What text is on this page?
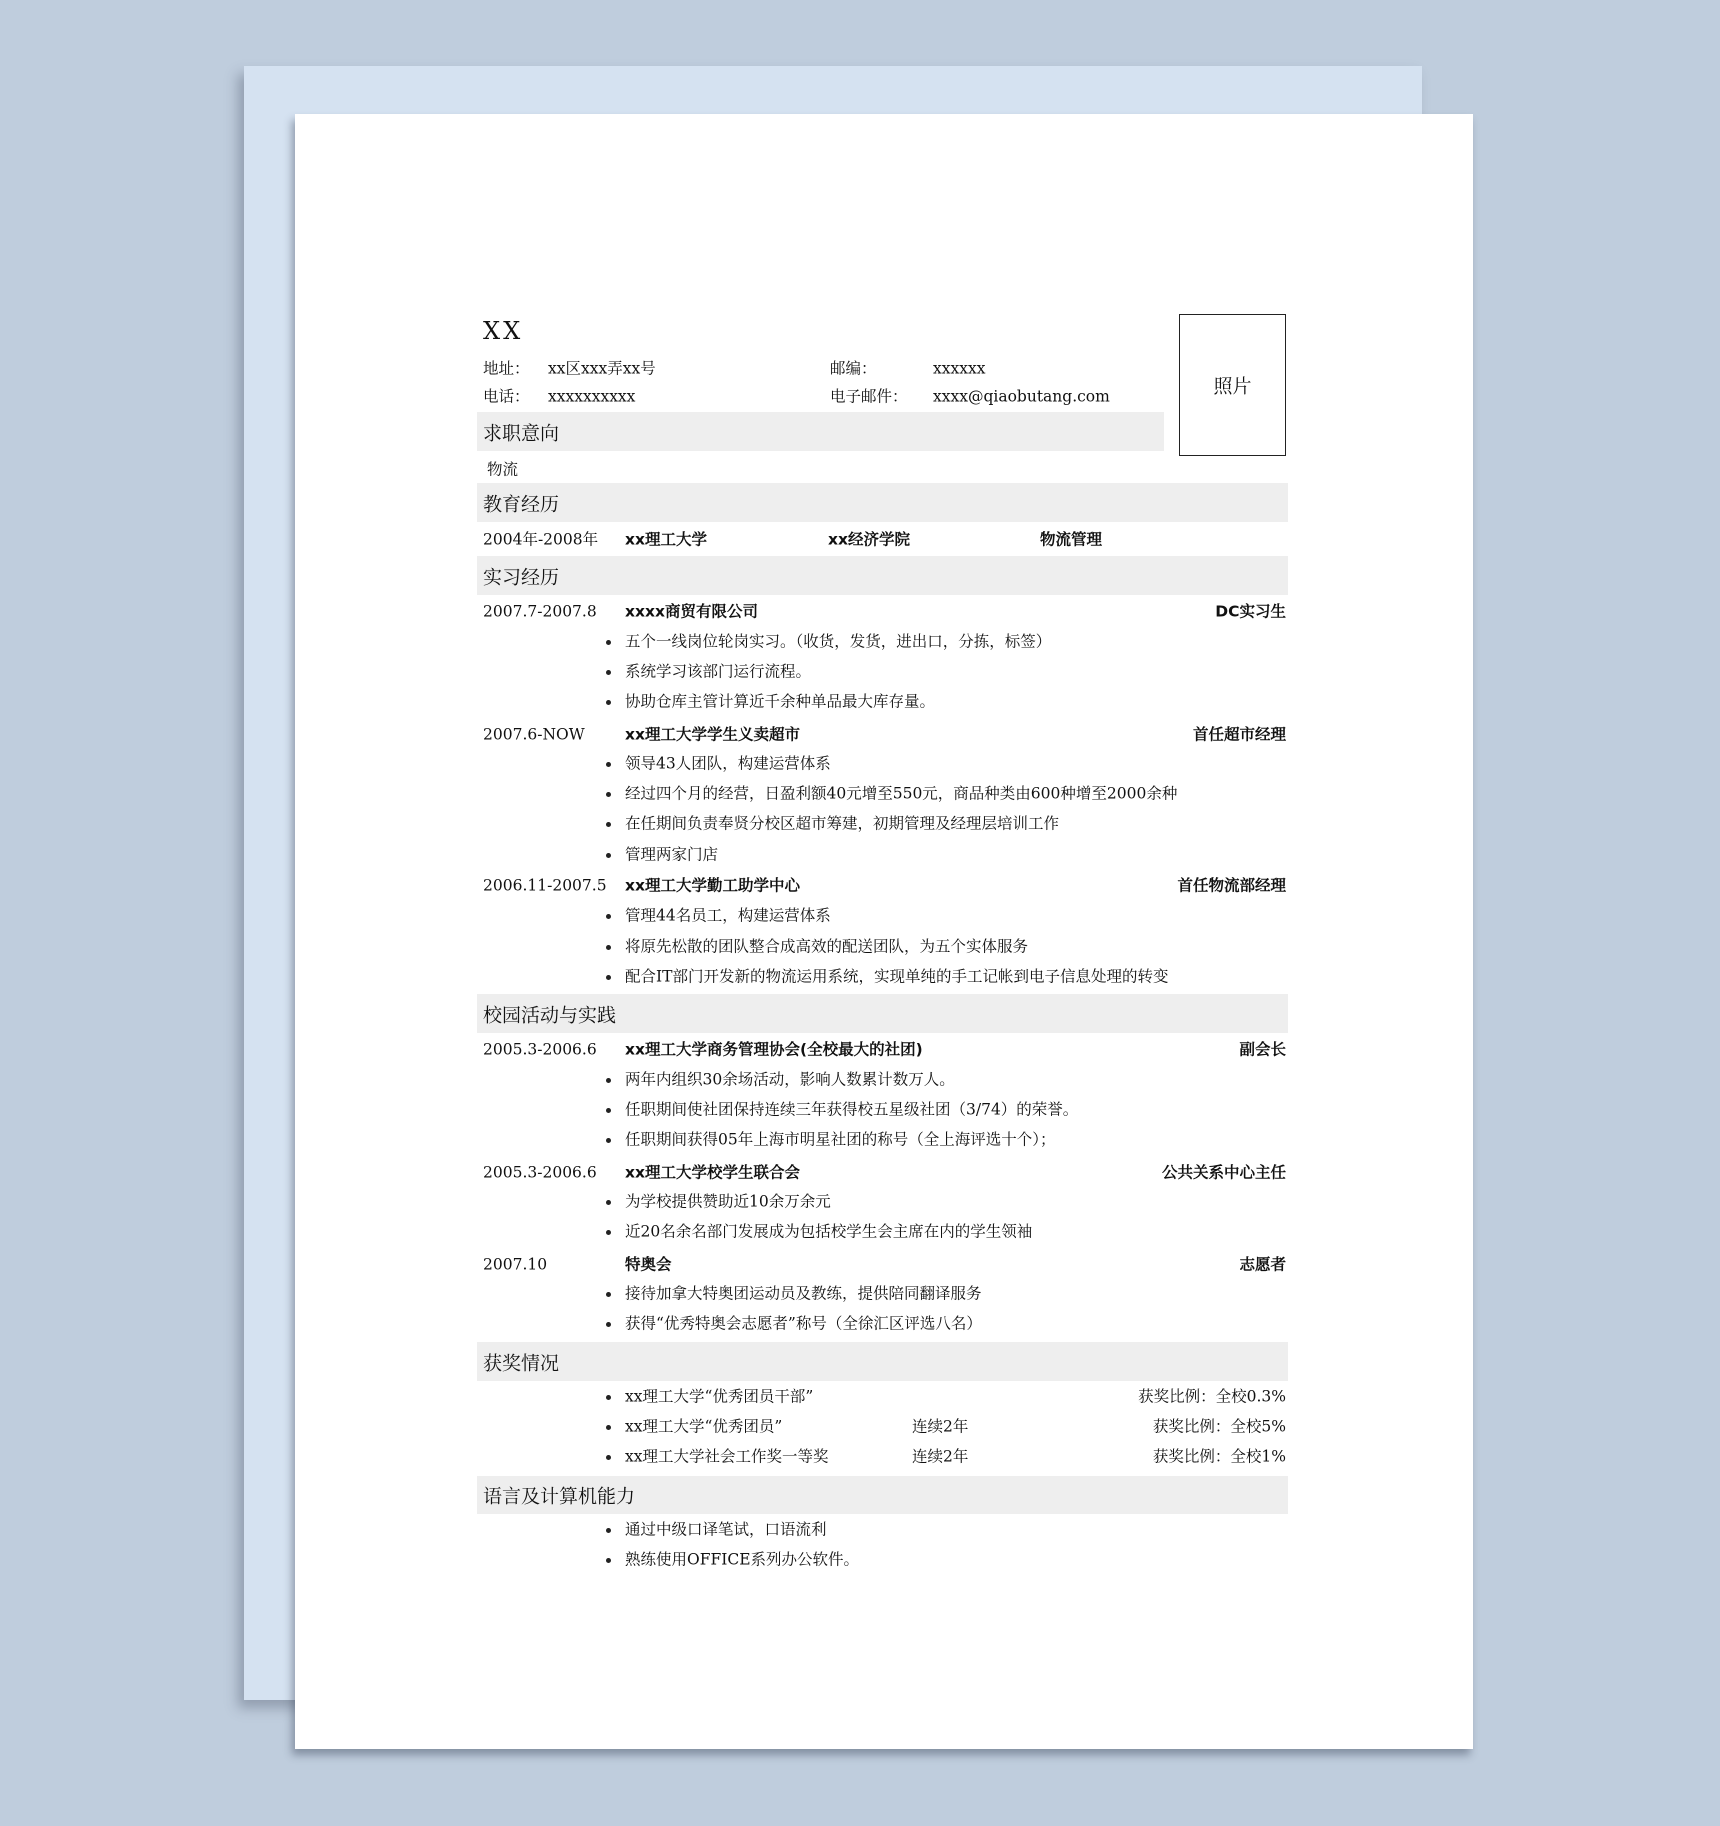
XX
地址： xx区xxx弄xx号	邮编：	xxxxxx
电话： xxxxxxxxxx	电子邮件： xxxx@qiaobutang.com	照片
求职意向
物流
教育经历
2004年-2008年 xx理工大学	xx经济学院	物流管理
实习经历
2007.7-2007.8 xxxx商贸有限公司	DC实习生
五个一线岗位轮岗实习。（收货，发货，进出口，分拣，标签）
系统学习该部门运行流程。
协助仓库主管计算近千余种单品最大库存量。
2007.6-NOW	xx理工大学学生义卖超市	首任超市经理
领导43人团队，构建运营体系
经过四个月的经营，日盈利额40元增至550元，商品种类由600种增至2000余种
在任期间负责奉贤分校区超市筹建，初期管理及经理层培训工作
管理两家门店
2006.11-2007.5 xx理工大学勤工助学中心	首任物流部经理
管理44名员工，构建运营体系
将原先松散的团队整合成高效的配送团队，为五个实体服务
配合IT部门开发新的物流运用系统，实现单纯的手工记帐到电子信息处理的转变
校园活动与实践
2005.3-2006.6 xx理工大学商务管理协会(全校最大的社团)	副会长
两年内组织30余场活动，影响人数累计数万人。
任职期间使社团保持连续三年获得校五星级社团（3/74）的荣誉。
任职期间获得05年上海市明星社团的称号（全上海评选十个）；
2005.3-2006.6 xx理工大学校学生联合会	公共关系中心主任
为学校提供赞助近10余万余元
近20名余名部门发展成为包括校学生会主席在内的学生领袖
2007.10	特奥会	志愿者
接待加拿大特奥团运动员及教练，提供陪同翻译服务
获得“优秀特奥会志愿者”称号（全徐汇区评选八名）
获奖情况
xx理工大学“优秀团员干部”	获奖比例：全校0.3%
xx理工大学“优秀团员”	连续2年	获奖比例：全校5%
xx理工大学社会工作奖一等奖	连续2年	获奖比例：全校1%
语言及计算机能力
通过中级口译笔试，口语流利
熟练使用OFFICE系列办公软件。
